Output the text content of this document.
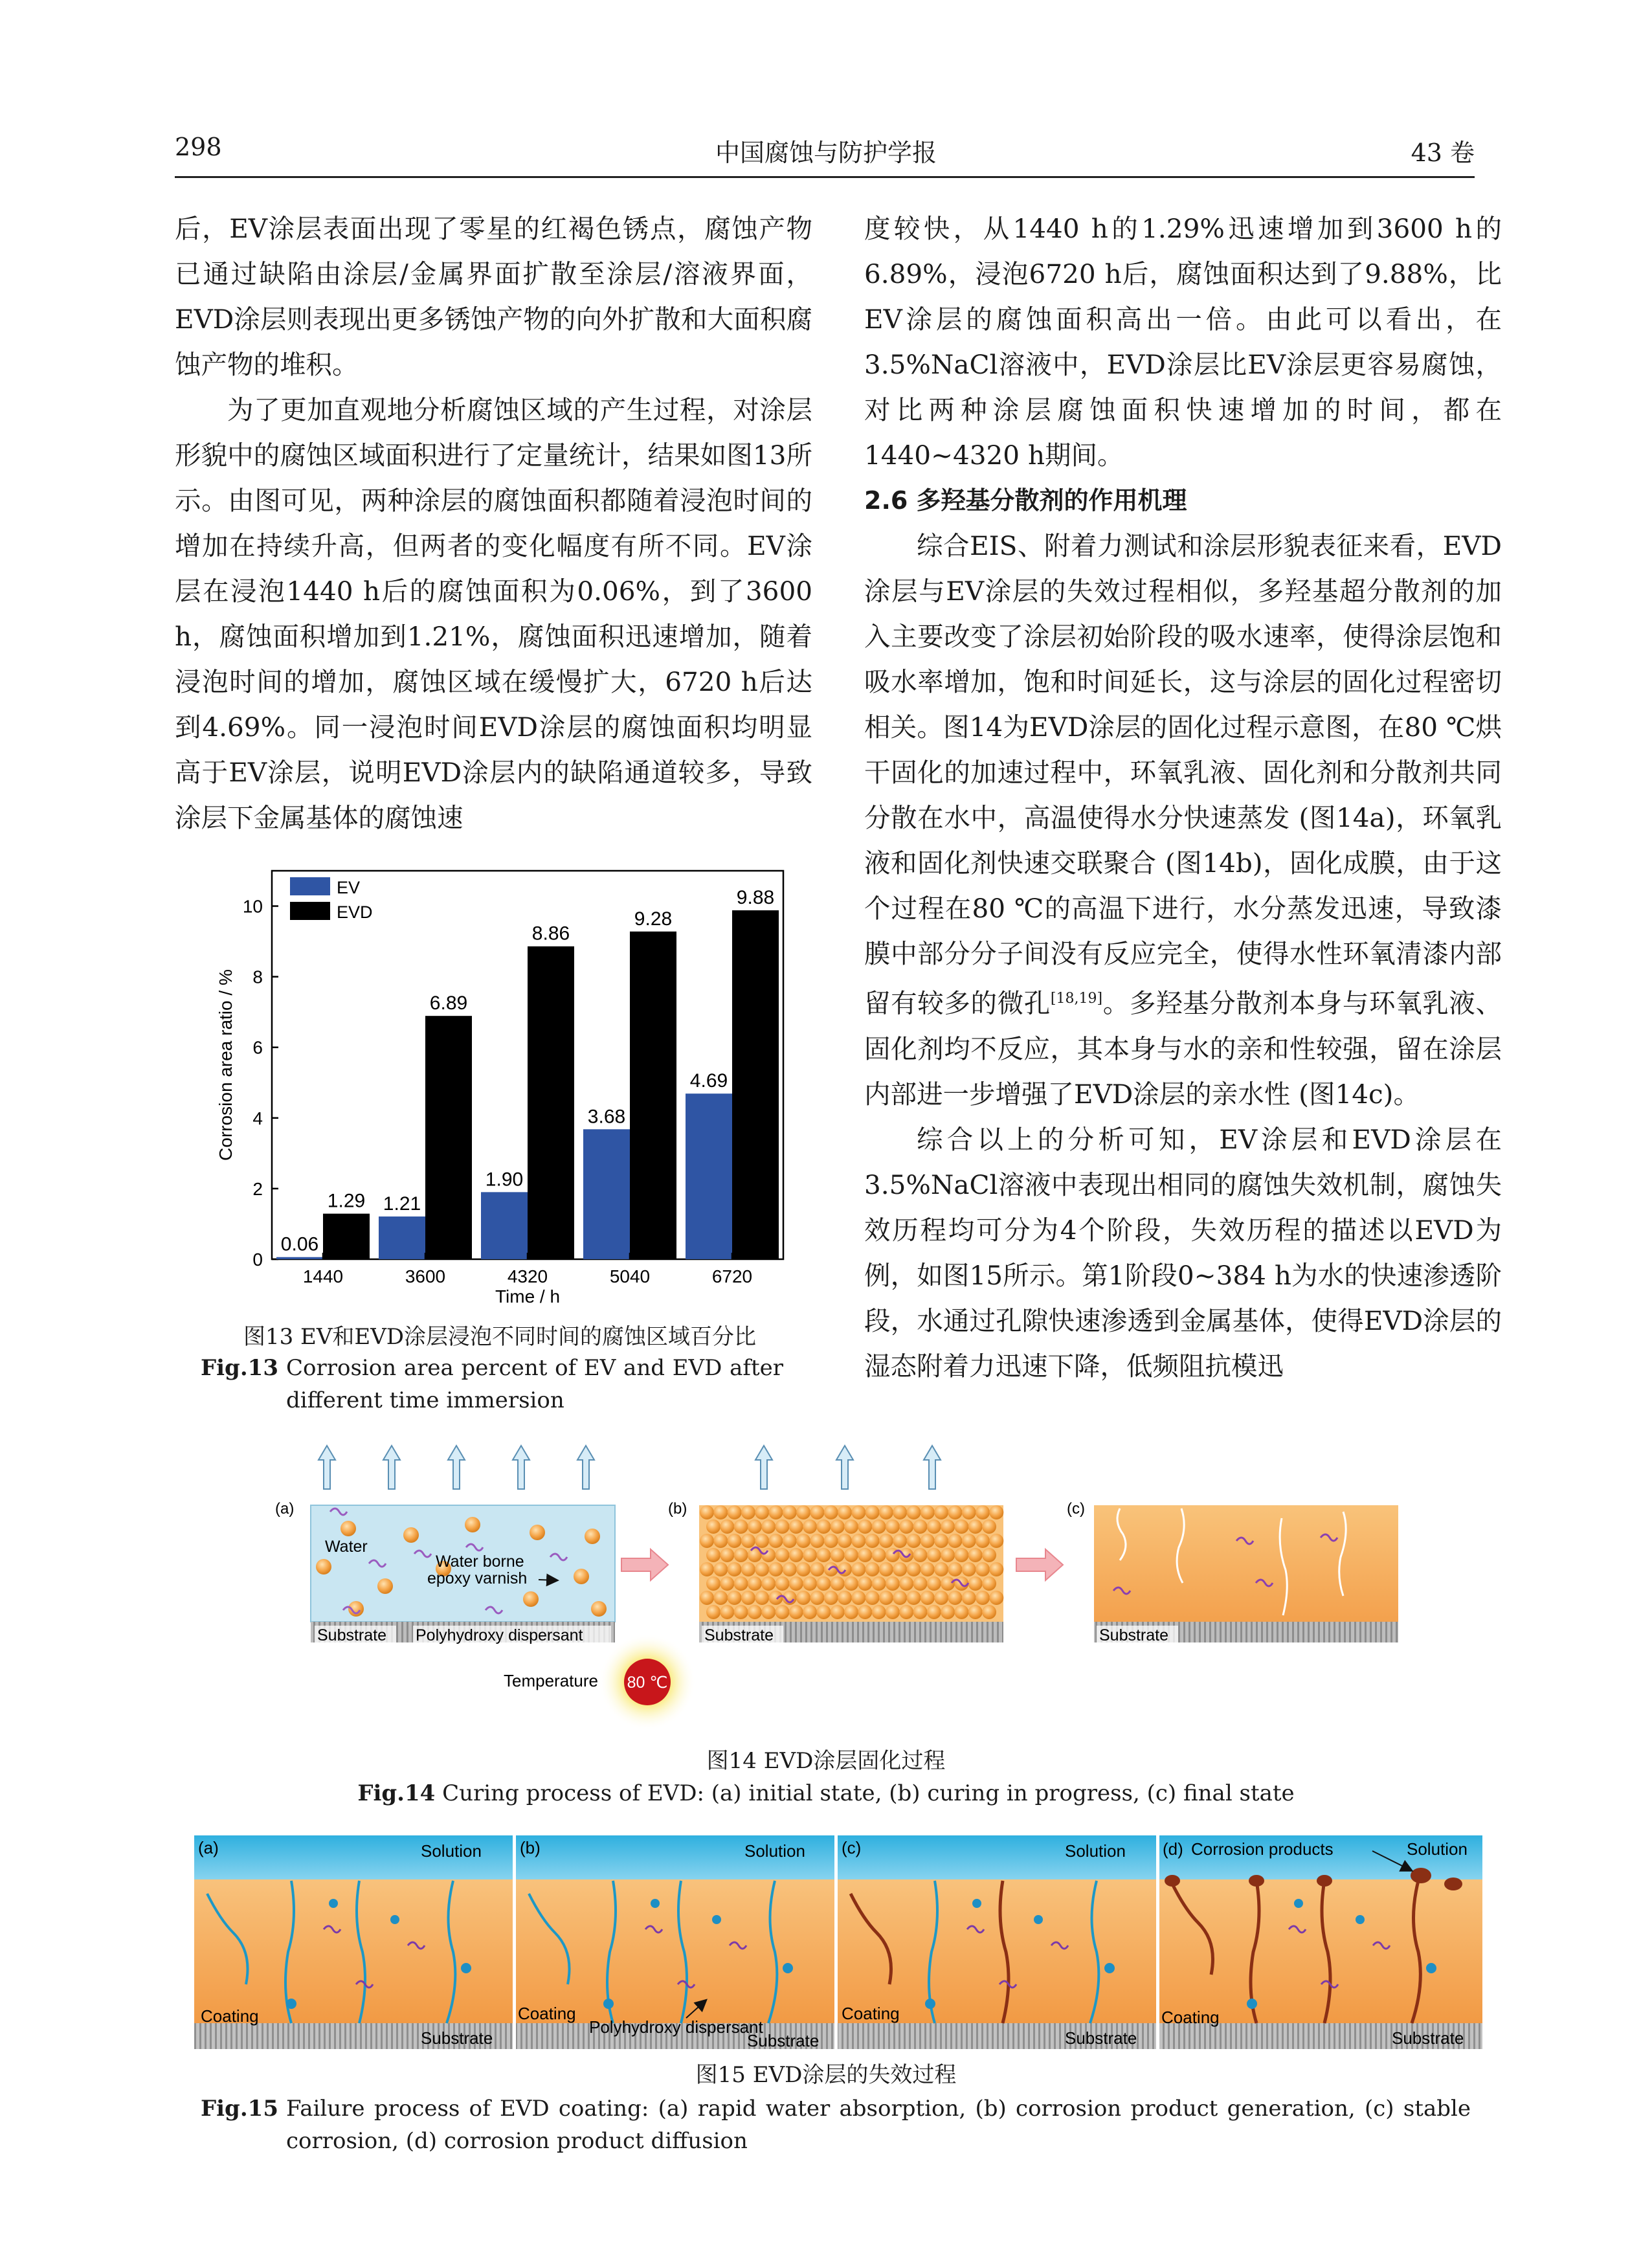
298	中国腐蚀与防护学报	43 卷

后，EV涂层表面出现了零星的红褐色锈点，腐蚀产物已通过缺陷由涂层/金属界面扩散至涂层/溶液界面，EVD涂层则表现出更多锈蚀产物的向外扩散和大面积腐蚀产物的堆积。

为了更加直观地分析腐蚀区域的产生过程，对涂层形貌中的腐蚀区域面积进行了定量统计，结果如图13所示。由图可见，两种涂层的腐蚀面积都随着浸泡时间的增加在持续升高，但两者的变化幅度有所不同。EV涂层在浸泡1440 h后的腐蚀面积为0.06%，到了3600 h，腐蚀面积增加到1.21%，腐蚀面积迅速增加，随着浸泡时间的增加，腐蚀区域在缓慢扩大，6720 h后达到4.69%。同一浸泡时间EVD涂层的腐蚀面积均明显高于EV涂层，说明EVD涂层内的缺陷通道较多，导致涂层下金属基体的腐蚀速

度较快，从1440 h的1.29%迅速增加到3600 h的6.89%，浸泡6720 h后，腐蚀面积达到了9.88%，比EV涂层的腐蚀面积高出一倍。由此可以看出，在3.5%NaCl溶液中，EVD涂层比EV涂层更容易腐蚀，对比两种涂层腐蚀面积快速增加的时间，都在1440~4320 h期间。

2.6 多羟基分散剂的作用机理

综合EIS、附着力测试和涂层形貌表征来看，EVD涂层与EV涂层的失效过程相似，多羟基超分散剂的加入主要改变了涂层初始阶段的吸水速率，使得涂层饱和吸水率增加，饱和时间延长，这与涂层的固化过程密切相关。图14为EVD涂层的固化过程示意图，在80 ℃烘干固化的加速过程中，环氧乳液、固化剂和分散剂共同分散在水中，高温使得水分快速蒸发 (图14a)，环氧乳液和固化剂快速交联聚合 (图14b)，固化成膜，由于这个过程在80 ℃的高温下进行，水分蒸发迅速，导致漆膜中部分分子间没有反应完全，使得水性环氧清漆内部留有较多的微孔[18,19]。多羟基分散剂本身与环氧乳液、固化剂均不反应，其本身与水的亲和性较强，留在涂层内部进一步增强了EVD涂层的亲水性 (图14c)。

综合以上的分析可知，EV涂层和EVD涂层在3.5%NaCl溶液中表现出相同的腐蚀失效机制，腐蚀失效历程均可分为4个阶段，失效历程的描述以EVD为例，如图15所示。第1阶段0~384 h为水的快速渗透阶段，水通过孔隙快速渗透到金属基体，使得EVD涂层的湿态附着力迅速下降，低频阻抗模迅

0
2
4
6
8
10
0.06
1.29 1.21
6.89
1.90
8.86
3.68
9.28
4.69
9.88
1440	3600	4320	5040	6720
Corrosion area ratio / %
Time / h
EV
EVD
图13 EV和EVD涂层浸泡不同时间的腐蚀区域百分比
Fig.13	Corrosion area percent of EV and EVD after different time immersion
(a)	(b)	(c)
Water
Water borne
epoxy varnish
Substrate Polyhydroxy dispersant	Substrate	Substrate
Temperature 80 ℃
图14 EVD涂层固化过程
Fig.14 Curing process of EVD: (a) initial state, (b) curing in progress, (c) final state
(a)	Solution
Coating
Substrate
(b)	Solution
Coating
Polyhydroxy dispersant
Substrate
(c)	Solution
Coating
Substrate
(d) Corrosion products	Solution
Coating
Substrate
图15 EVD涂层的失效过程
Fig.15	Failure process of EVD coating: (a) rapid water absorption, (b) corrosion product generation, (c) stable corrosion, (d) corrosion product diffusion
